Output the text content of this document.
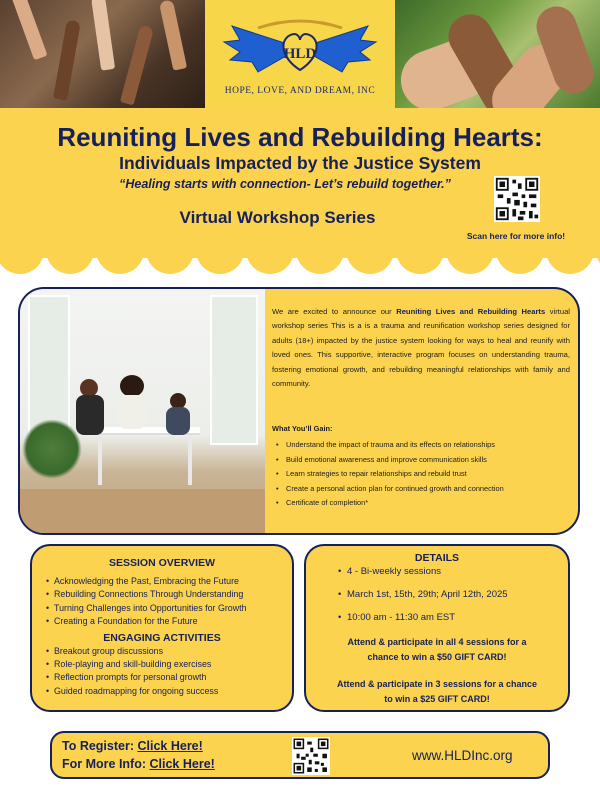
HLD
HOPE, LOVE, AND DREAM, INC
Reuniting Lives and Rebuilding Hearts:
Individuals Impacted by the Justice System
“Healing starts with connection- Let’s rebuild together.”
Virtual Workshop Series
Scan here for more info!
We are excited to announce our Reuniting Lives and Rebuilding Hearts virtual workshop series This is a is a trauma and reunification workshop series designed for adults (18+) impacted by the justice system looking for ways to heal and reunify with loved ones. This supportive, interactive program focuses on understanding trauma, fostering emotional growth, and rebuilding meaningful relationships with family and community.
What You’ll Gain:
• Understand the impact of trauma and its effects on relationships
• Build emotional awareness and improve communication skills
• Learn strategies to repair relationships and rebuild trust
• Create a personal action plan for continued growth and connection
• Certificate of completion*
SESSION OVERVIEW
• Acknowledging the Past, Embracing the Future
• Rebuilding Connections Through Understanding
• Turning Challenges into Opportunities for Growth
• Creating a Foundation for the Future
ENGAGING ACTIVITIES
• Breakout group discussions
• Role-playing and skill-building exercises
• Reflection prompts for personal growth
• Guided roadmapping for ongoing success
DETAILS
• 4 - Bi-weekly sessions
• March 1st, 15th, 29th; April 12th, 2025
• 10:00 am - 11:30 am EST
Attend & participate in all 4 sessions for a chance to win a $50 GIFT CARD!
Attend & participate in 3 sessions for a chance to win a $25 GIFT CARD!
To Register: Click Here!
For More Info: Click Here!
www.HLDInc.org
